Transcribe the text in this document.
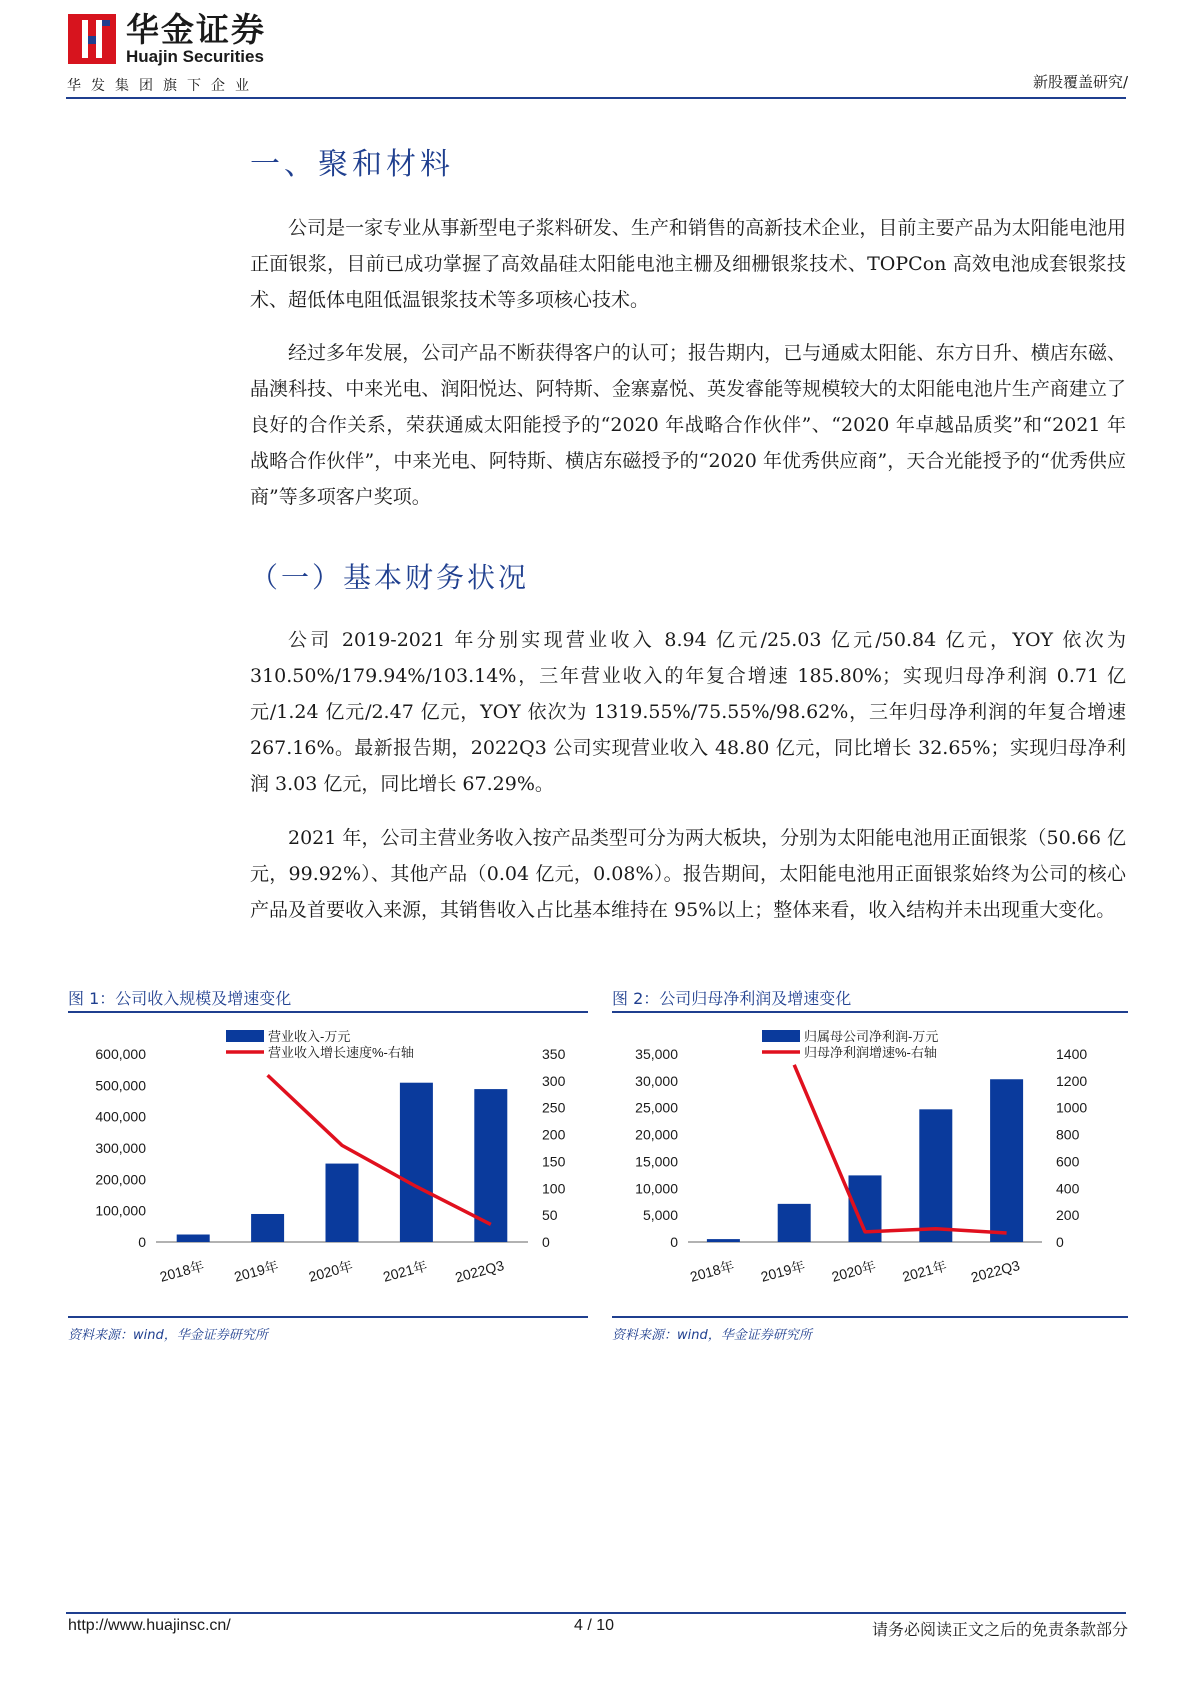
华金证券
Huajin Securities
华发集团旗下企业	新股覆盖研究/
一、聚和材料

公司是一家专业从事新型电子浆料研发、生产和销售的高新技术企业，目前主要产品为太阳能电池用正面银浆，目前已成功掌握了高效晶硅太阳能电池主栅及细栅银浆技术、TOPCon 高效电池成套银浆技术、超低体电阻低温银浆技术等多项核心技术。

经过多年发展，公司产品不断获得客户的认可；报告期内，已与通威太阳能、东方日升、横店东磁、晶澳科技、中来光电、润阳悦达、阿特斯、金寨嘉悦、英发睿能等规模较大的太阳能电池片生产商建立了良好的合作关系，荣获通威太阳能授予的“2020 年战略合作伙伴”、“2020 年卓越品质奖”和“2021 年战略合作伙伴”，中来光电、阿特斯、横店东磁授予的“2020 年优秀供应商”，天合光能授予的“优秀供应商”等多项客户奖项。

（一）基本财务状况

公司 2019-2021 年分别实现营业收入 8.94 亿元/25.03 亿元/50.84 亿元，YOY 依次为 310.50%/179.94%/103.14%，三年营业收入的年复合增速 185.80%；实现归母净利润 0.71 亿元/1.24 亿元/2.47 亿元，YOY 依次为 1319.55%/75.55%/98.62%，三年归母净利润的年复合增速 267.16%。最新报告期，2022Q3 公司实现营业收入 48.80 亿元，同比增长 32.65%；实现归母净利润 3.03 亿元，同比增长 67.29%。

2021 年，公司主营业务收入按产品类型可分为两大板块，分别为太阳能电池用正面银浆（50.66 亿元，99.92%）、其他产品（0.04 亿元，0.08%）。报告期间，太阳能电池用正面银浆始终为公司的核心产品及首要收入来源，其销售收入占比基本维持在 95%以上；整体来看，收入结构并未出现重大变化。

图 1：公司收入规模及增速变化
600,000
500,000
400,000
300,000
200,000
100,000
0
350
300
250
200
150
100
50
0
2018年 2019年 2020年 2021年 2022Q3
营业收入-万元
营业收入增长速度%-右轴
资料来源：wind，华金证券研究所
图 2：公司归母净利润及增速变化
35,000
30,000
25,000
20,000
15,000
10,000
5,000
0
1400
1200
1000
800
600
400
200
0
2018年 2019年 2020年 2021年 2022Q3
归属母公司净利润-万元
归母净利润增速%-右轴
资料来源：wind，华金证券研究所
http://www.huajinsc.cn/	4 / 10	请务必阅读正文之后的免责条款部分
